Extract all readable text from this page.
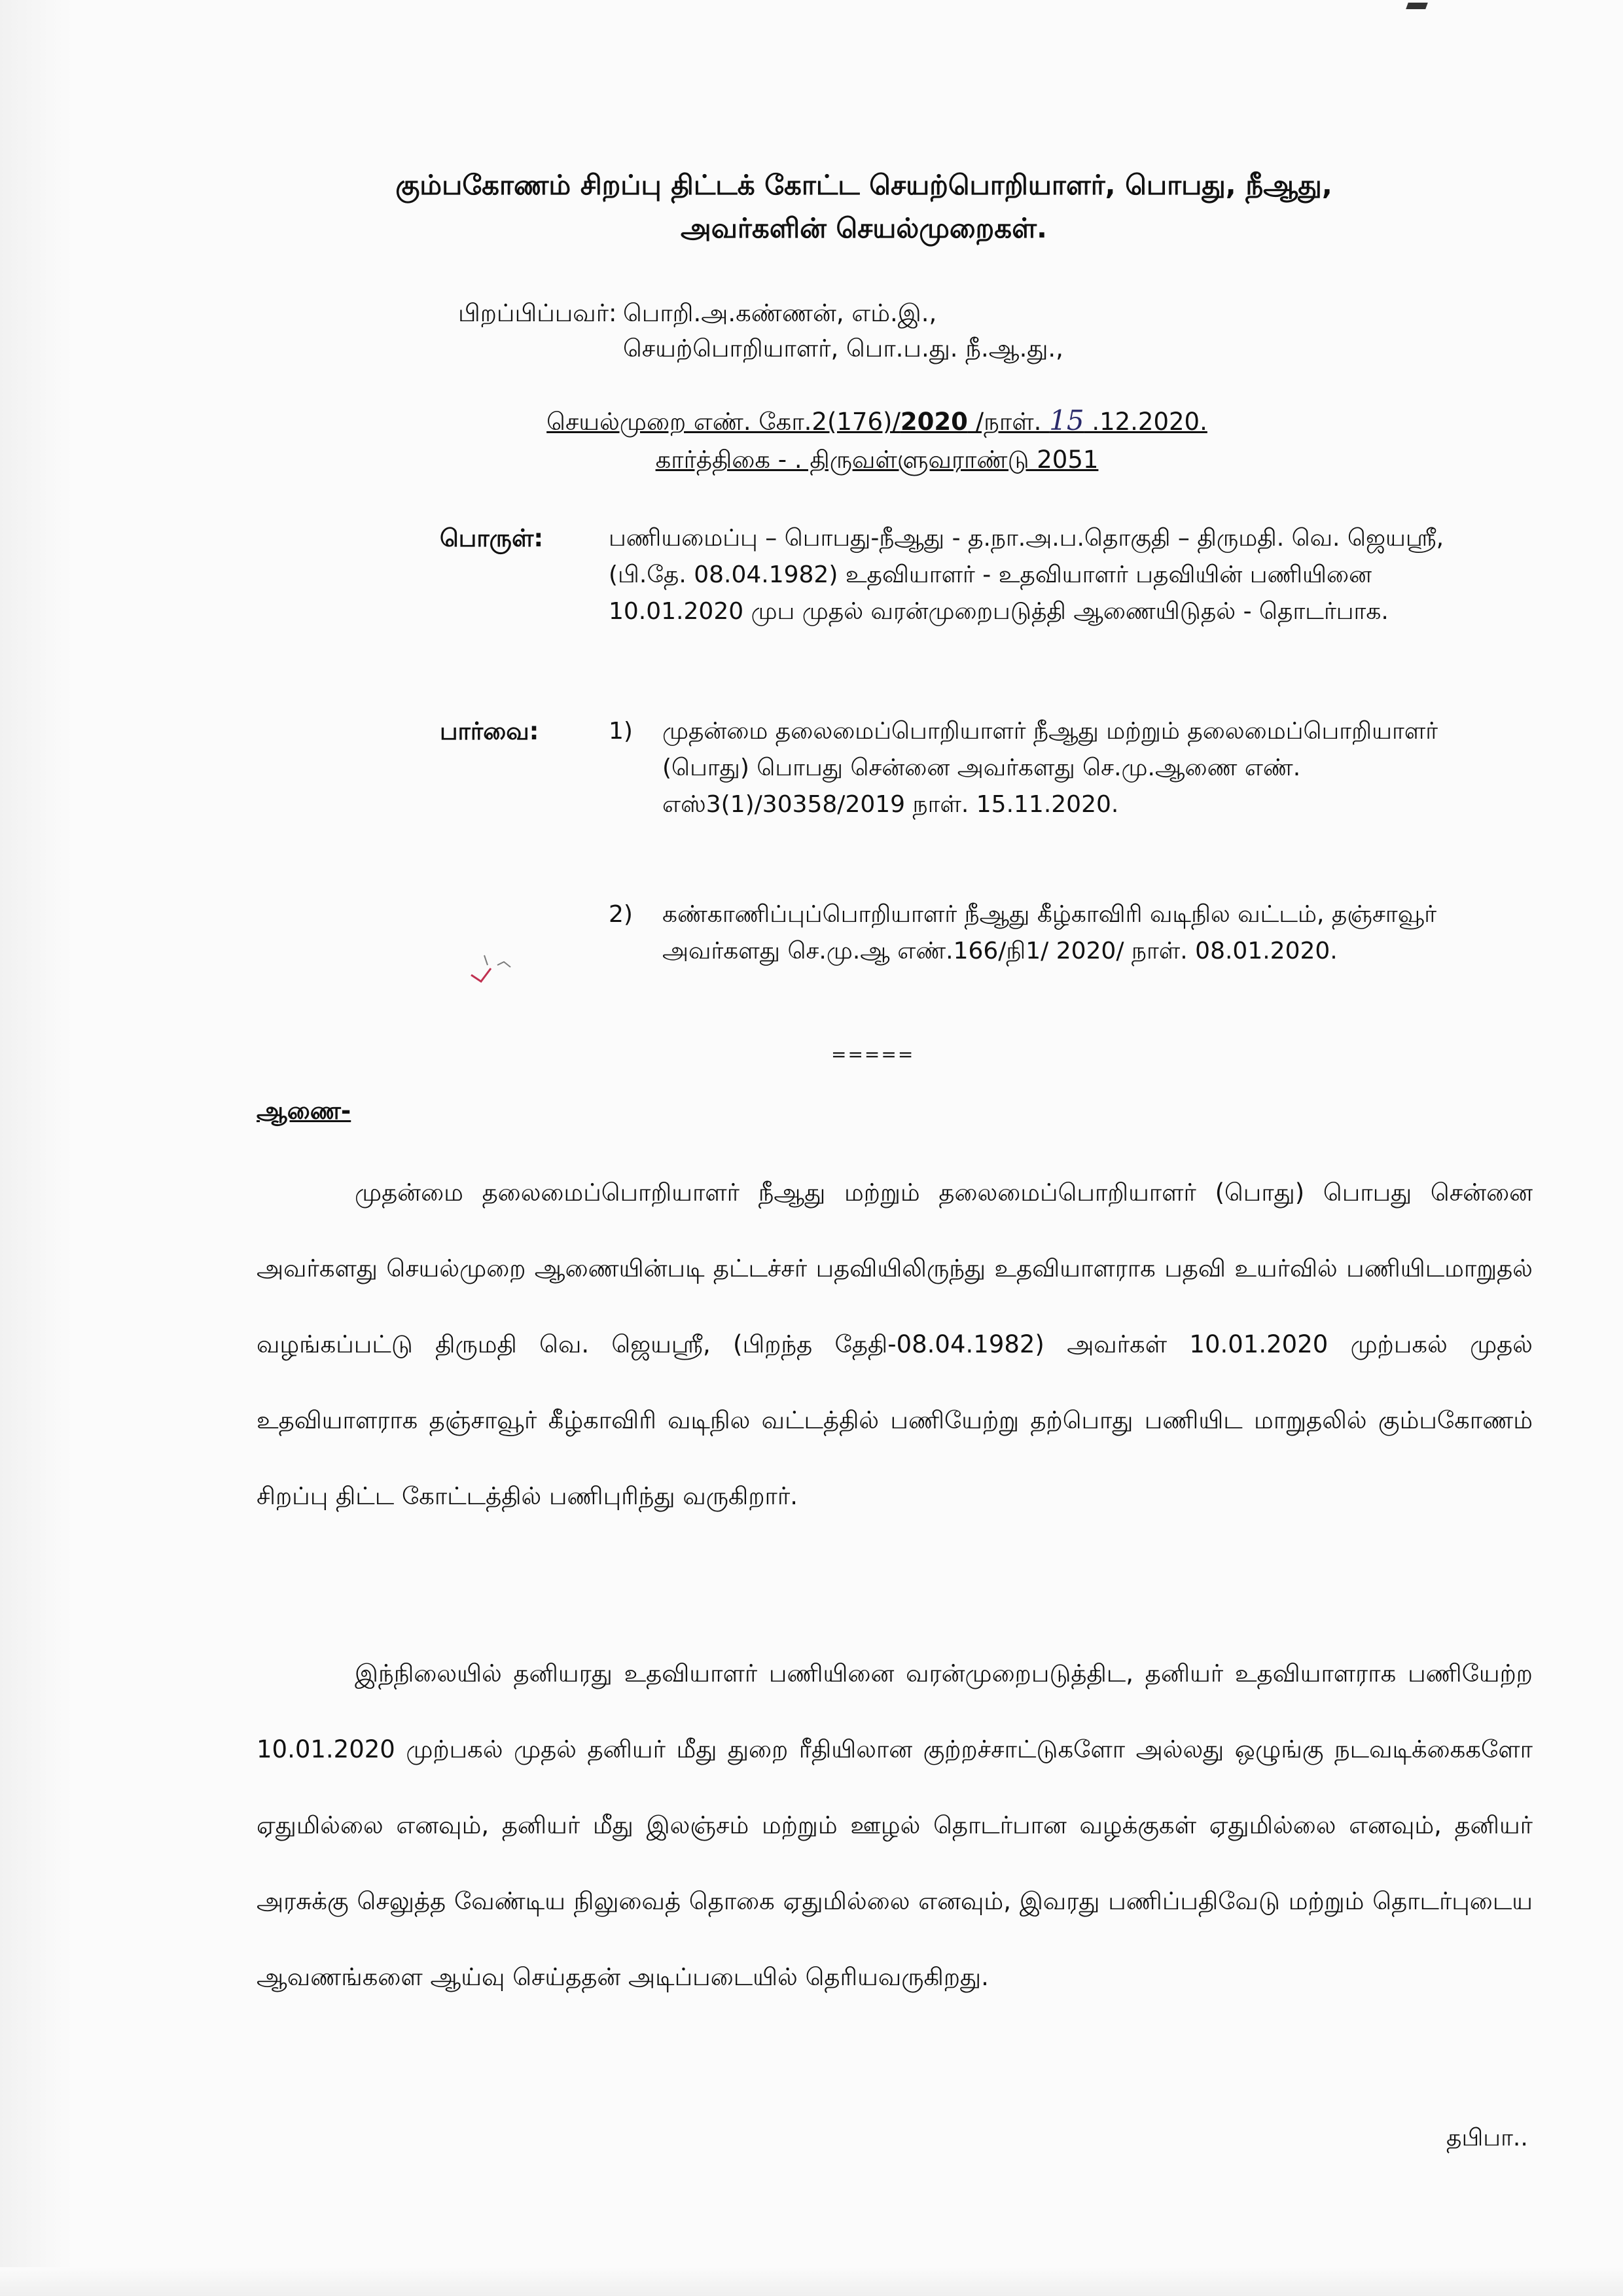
கும்பகோணம் சிறப்பு திட்டக் கோட்ட செயற்பொறியாளர், பொபது, நீஆது,
அவர்களின் செயல்முறைகள்.
பிறப்பிப்பவர்: பொறி.அ.கண்ணன், எம்.இ.,
செயற்பொறியாளர், பொ.ப.து. நீ.ஆ.து.,
செயல்முறை எண். கோ.2(176)/2020 /நாள். 15 .12.2020.
கார்த்திகை - . திருவள்ளுவராண்டு 2051
பொருள்:	பணியமைப்பு – பொபது-நீஆது - த.நா.அ.ப.தொகுதி – திருமதி. வெ. ஜெயஸ்ரீ, (பி.தே. 08.04.1982) உதவியாளர் - உதவியாளர் பதவியின் பணியினை 10.01.2020 முப முதல் வரன்முறைபடுத்தி ஆணையிடுதல் - தொடர்பாக.
பார்வை:	1) முதன்மை தலைமைப்பொறியாளர் நீஆது மற்றும் தலைமைப்பொறியாளர் (பொது) பொபது சென்னை அவர்களது செ.மு.ஆணை எண். எஸ்3(1)/30358/2019 நாள். 15.11.2020.
2) கண்காணிப்புப்பொறியாளர் நீஆது கீழ்காவிரி வடிநில வட்டம், தஞ்சாவூர் அவர்களது செ.மு.ஆ எண்.166/நி1/ 2020/ நாள். 08.01.2020.
=====
ஆணை-
முதன்மை தலைமைப்பொறியாளர் நீஆது மற்றும் தலைமைப்பொறியாளர் (பொது) பொபது சென்னை அவர்களது செயல்முறை ஆணையின்படி தட்டச்சர் பதவியிலிருந்து உதவியாளராக பதவி உயர்வில் பணியிடமாறுதல் வழங்கப்பட்டு திருமதி வெ. ஜெயஸ்ரீ, (பிறந்த தேதி-08.04.1982) அவர்கள் 10.01.2020 முற்பகல் முதல் உதவியாளராக தஞ்சாவூர் கீழ்காவிரி வடிநில வட்டத்தில் பணியேற்று தற்பொது பணியிட மாறுதலில் கும்பகோணம் சிறப்பு திட்ட கோட்டத்தில் பணிபுரிந்து வருகிறார்.
இந்நிலையில் தனியரது உதவியாளர் பணியினை வரன்முறைபடுத்திட, தனியர் உதவியாளராக பணியேற்ற 10.01.2020 முற்பகல் முதல் தனியர் மீது துறை ரீதியிலான குற்றச்சாட்டுகளோ அல்லது ஒழுங்கு நடவடிக்கைகளோ ஏதுமில்லை எனவும், தனியர் மீது இலஞ்சம் மற்றும் ஊழல் தொடர்பான வழக்குகள் ஏதுமில்லை எனவும், தனியர் அரசுக்கு செலுத்த வேண்டிய நிலுவைத் தொகை ஏதுமில்லை எனவும், இவரது பணிப்பதிவேடு மற்றும் தொடர்புடைய ஆவணங்களை ஆய்வு செய்ததன் அடிப்படையில் தெரியவருகிறது.
தபிபா..
